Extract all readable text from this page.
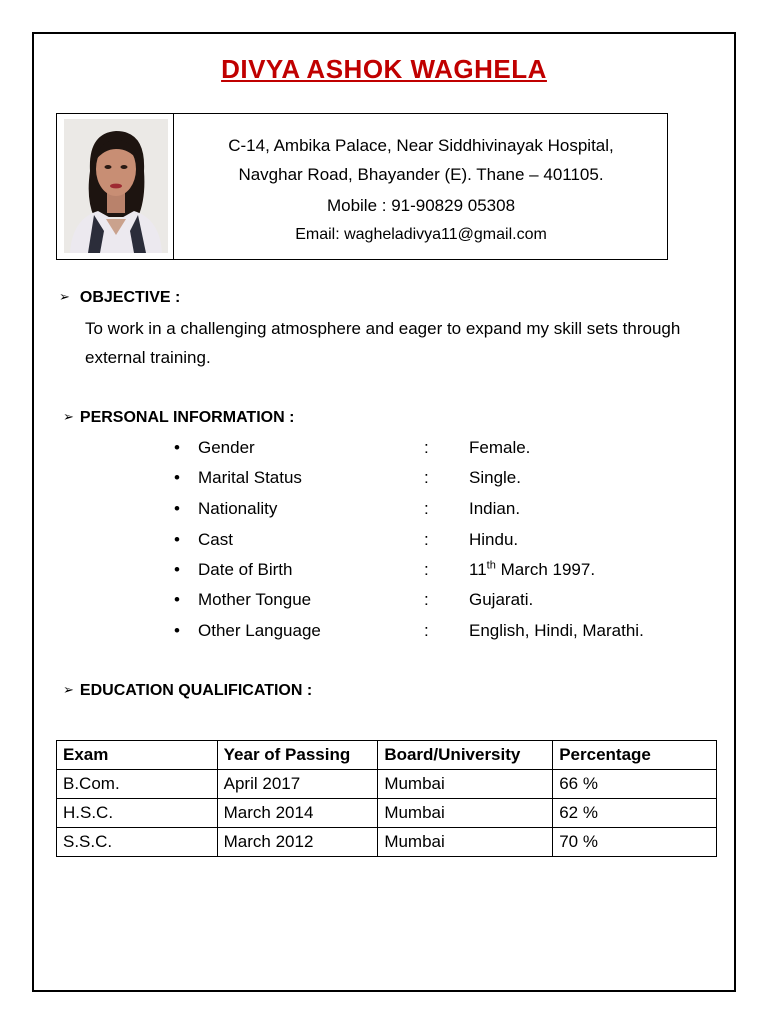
DIVYA ASHOK WAGHELA
C-14, Ambika Palace, Near Siddhivinayak Hospital,
Navghar Road, Bhayander (E). Thane – 401105.
Mobile : 91-90829 05308
Email: wagheladivya11@gmail.com
➢ OBJECTIVE :
To work in a challenging atmosphere and eager to expand my skill sets through external training.
➢ PERSONAL INFORMATION :
• Gender	: Female.
• Marital Status	: Single.
• Nationality	: Indian.
• Cast	: Hindu.
• Date of Birth	: 11th March 1997.
• Mother Tongue	: Gujarati.
• Other Language	: English, Hindi, Marathi.
➢ EDUCATION QUALIFICATION :
Exam	Year of Passing	Board/University	Percentage
B.Com.	April 2017	Mumbai	66 %
H.S.C.	March 2014	Mumbai	62 %
S.S.C.	March 2012	Mumbai	70 %
